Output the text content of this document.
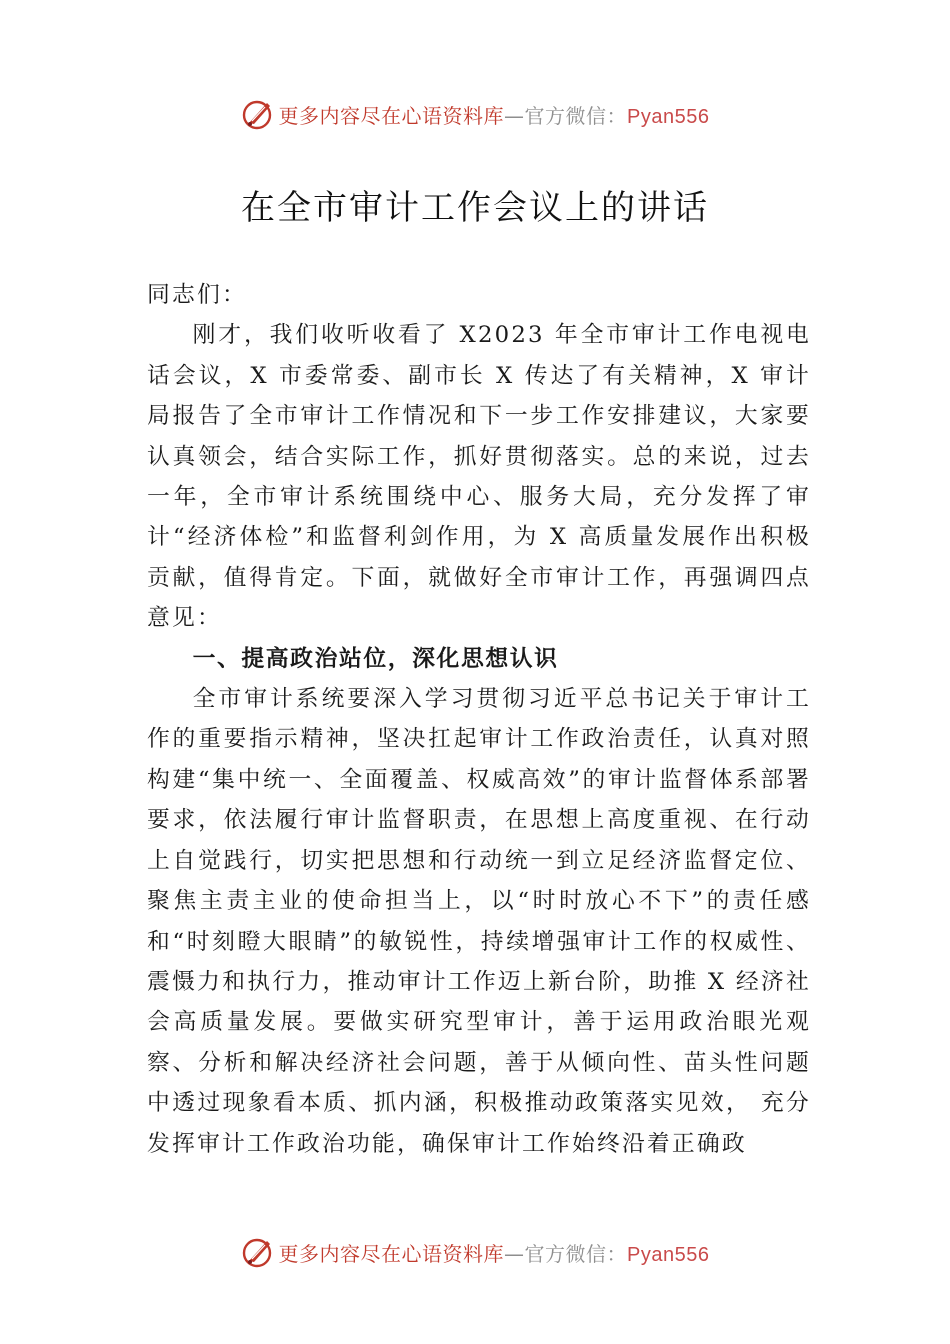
更多内容尽在心语资料库—官方微信：Pyan556
在全市审计工作会议上的讲话

同志们：

刚才，我们收听收看了 X2023 年全市审计工作电视电话会议，X 市委常委、副市长 X 传达了有关精神，X 审计局报告了全市审计工作情况和下一步工作安排建议，大家要认真领会，结合实际工作，抓好贯彻落实。总的来说，过去一年，全市审计系统围绕中心、服务大局，充分发挥了审计“经济体检”和监督利剑作用，为 X 高质量发展作出积极贡献，值得肯定。下面，就做好全市审计工作，再强调四点意见：

一、提高政治站位，深化思想认识

全市审计系统要深入学习贯彻习近平总书记关于审计工作的重要指示精神，坚决扛起审计工作政治责任，认真对照构建“集中统一、全面覆盖、权威高效”的审计监督体系部署要求，依法履行审计监督职责，在思想上高度重视、在行动上自觉践行，切实把思想和行动统一到立足经济监督定位、聚焦主责主业的使命担当上，以“时时放心不下”的责任感和“时刻瞪大眼睛”的敏锐性，持续增强审计工作的权威性、震慑力和执行力，推动审计工作迈上新台阶，助推 X 经济社会高质量发展。要做实研究型审计，善于运用政治眼光观察、分析和解决经济社会问题，善于从倾向性、苗头性问题中透过现象看本质、抓内涵，积极推动政策落实见效， 充分发挥审计工作政治功能，确保审计工作始终沿着正确政

更多内容尽在心语资料库—官方微信：Pyan556
